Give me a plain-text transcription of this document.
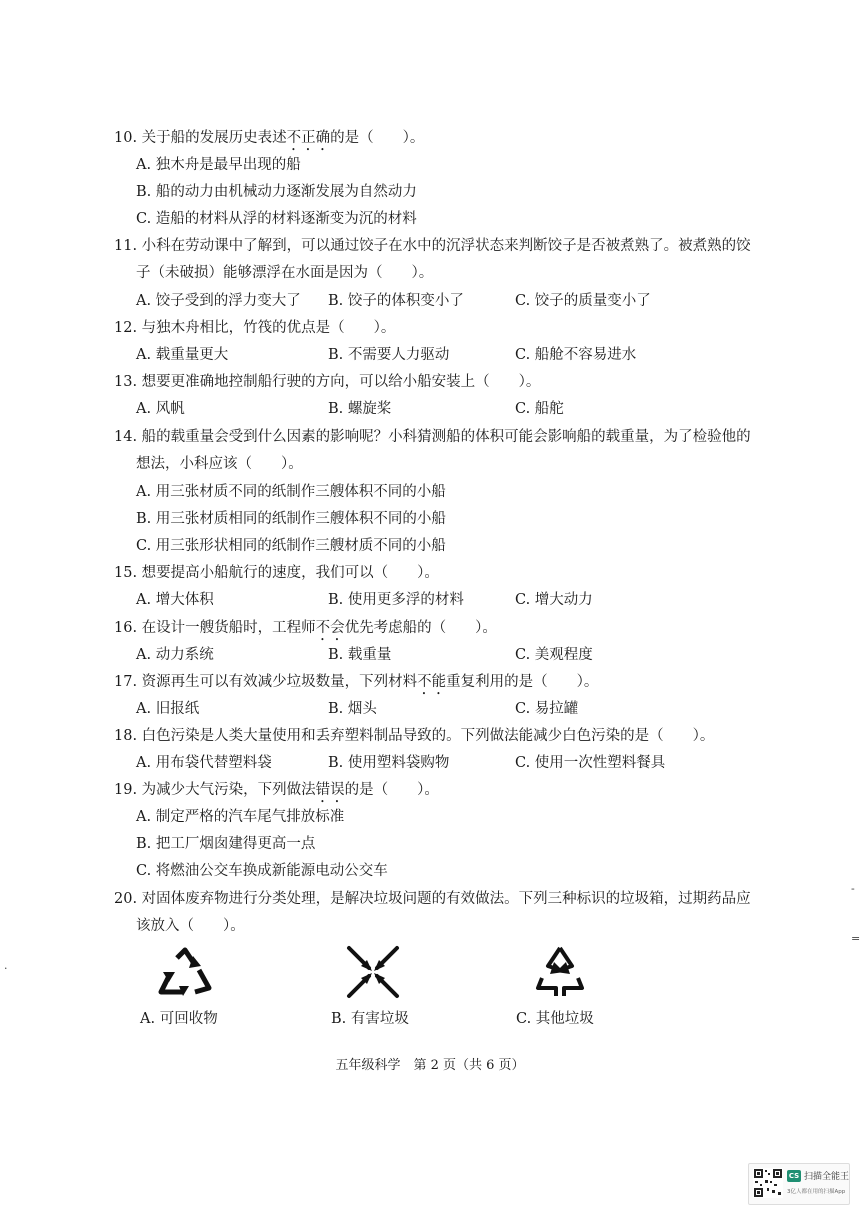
10. 关于船的发展历史表述不正确的是（　　）。
A. 独木舟是最早出现的船
B. 船的动力由机械动力逐渐发展为自然动力
C. 造船的材料从浮的材料逐渐变为沉的材料
11. 小科在劳动课中了解到，可以通过饺子在水中的沉浮状态来判断饺子是否被煮熟了。被煮熟的饺
子（未破损）能够漂浮在水面是因为（　　）。
A. 饺子受到的浮力变大了 B. 饺子的体积变小了	C. 饺子的质量变小了
12. 与独木舟相比，竹筏的优点是（　　）。
A. 载重量更大	B. 不需要人力驱动	C. 船舱不容易进水
13. 想要更准确地控制船行驶的方向，可以给小船安装上（　　）。
A. 风帆	B. 螺旋桨	C. 船舵
14. 船的载重量会受到什么因素的影响呢？小科猜测船的体积可能会影响船的载重量，为了检验他的
想法，小科应该（　　）。
A. 用三张材质不同的纸制作三艘体积不同的小船
B. 用三张材质相同的纸制作三艘体积不同的小船
C. 用三张形状相同的纸制作三艘材质不同的小船
15. 想要提高小船航行的速度，我们可以（　　）。
A. 增大体积	B. 使用更多浮的材料	C. 增大动力
16. 在设计一艘货船时，工程师不会优先考虑船的（　　）。
A. 动力系统	B. 载重量	C. 美观程度
17. 资源再生可以有效减少垃圾数量，下列材料不能重复利用的是（　　）。
A. 旧报纸	B. 烟头	C. 易拉罐
18. 白色污染是人类大量使用和丢弃塑料制品导致的。下列做法能减少白色污染的是（　　）。
A. 用布袋代替塑料袋	B. 使用塑料袋购物	C. 使用一次性塑料餐具
19. 为减少大气污染，下列做法错误的是（　　）。
A. 制定严格的汽车尾气排放标准
B. 把工厂烟囱建得更高一点
C. 将燃油公交车换成新能源电动公交车
20. 对固体废弃物进行分类处理，是解决垃圾问题的有效做法。下列三种标识的垃圾箱，过期药品应
该放入（　　）。
A. 可回收物	B. 有害垃圾	C. 其他垃圾
五年级科学　第 2 页（共 6 页）
-
=
·
CS 扫描全能王
3亿人都在用的扫描App
